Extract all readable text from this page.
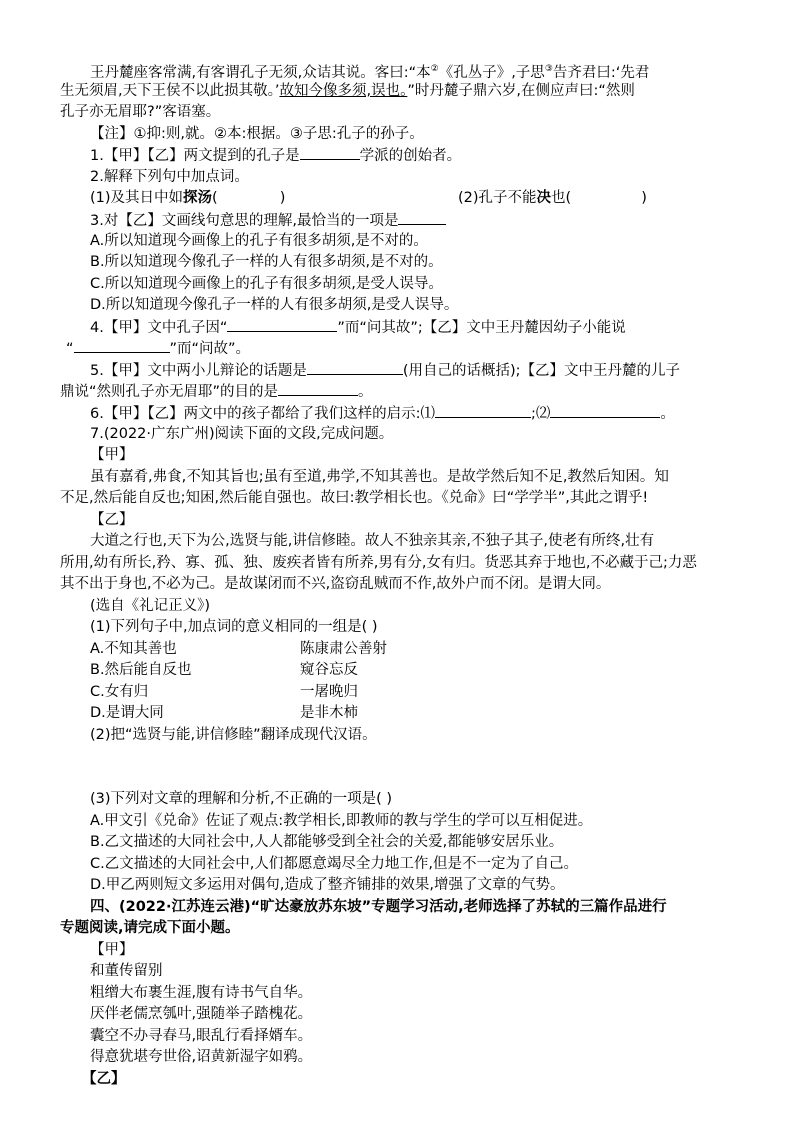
王丹麓座客常满,有客谓孔子无须,众诘其说。客曰:“本②《孔丛子》,子思③告齐君曰:‘先君
生无须眉,天下王侯不以此损其敬。’故知今像多须,误也。”时丹麓子鼎六岁,在侧应声曰:“然则
孔子亦无眉耶?”客语塞。
【注】①抑:则,就。②本:根据。③子思:孔子的孙子。
1.【甲】【乙】两文提到的孔子是	学派的创始者。
2.解释下列句中加点词。
(1)及其日中如探汤(	)	(2)孔子不能决也(	)
3.对【乙】文画线句意思的理解,最恰当的一项是
A.所以知道现今画像上的孔子有很多胡须,是不对的。
B.所以知道现今像孔子一样的人有很多胡须,是不对的。
C.所以知道现今画像上的孔子有很多胡须,是受人误导。
D.所以知道现今像孔子一样的人有很多胡须,是受人误导。
4.【甲】文中孔子因“	”而“问其故”;【乙】文中王丹麓因幼子小能说
“	”而“问故”。
5.【甲】文中两小儿辩论的话题是	(用自己的话概括);【乙】文中王丹麓的儿子
鼎说“然则孔子亦无眉耶”的目的是	。
6.【甲】【乙】两文中的孩子都给了我们这样的启示:⑴	;⑵	。
7.(2022·广东广州)阅读下面的文段,完成问题。
【甲】
虽有嘉肴,弗食,不知其旨也;虽有至道,弗学,不知其善也。是故学然后知不足,教然后知困。知
不足,然后能自反也;知困,然后能自强也。故曰:教学相长也。《兑命》曰“学学半”,其此之谓乎!
【乙】
大道之行也,天下为公,选贤与能,讲信修睦。故人不独亲其亲,不独子其子,使老有所终,壮有
所用,幼有所长,矜、寡、孤、独、废疾者皆有所养,男有分,女有归。货恶其弃于地也,不必藏于己;力恶
其不出于身也,不必为己。是故谋闭而不兴,盗窃乱贼而不作,故外户而不闭。是谓大同。
(选自《礼记正义》)
(1)下列句子中,加点词的意义相同的一组是( )
A.不知其善也	陈康肃公善射
B.然后能自反也	窥谷忘反
C.女有归	一屠晚归
D.是谓大同	是非木柿
(2)把“选贤与能,讲信修睦”翻译成现代汉语。
(3)下列对文章的理解和分析,不正确的一项是( )
A.甲文引《兑命》佐证了观点:教学相长,即教师的教与学生的学可以互相促进。
B.乙文描述的大同社会中,人人都能够受到全社会的关爱,都能够安居乐业。
C.乙文描述的大同社会中,人们都愿意竭尽全力地工作,但是不一定为了自己。
D.甲乙两则短文多运用对偶句,造成了整齐铺排的效果,增强了文章的气势。
四、(2022·江苏连云港)“旷达豪放苏东坡”专题学习活动,老师选择了苏轼的三篇作品进行
专题阅读,请完成下面小题。
【甲】
和董传留别
粗缯大布裹生涯,腹有诗书气自华。
厌伴老儒烹瓠叶,强随举子踏槐花。
囊空不办寻春马,眼乱行看择婿车。
得意犹堪夸世俗,诏黄新湿字如鸦。
【乙】
